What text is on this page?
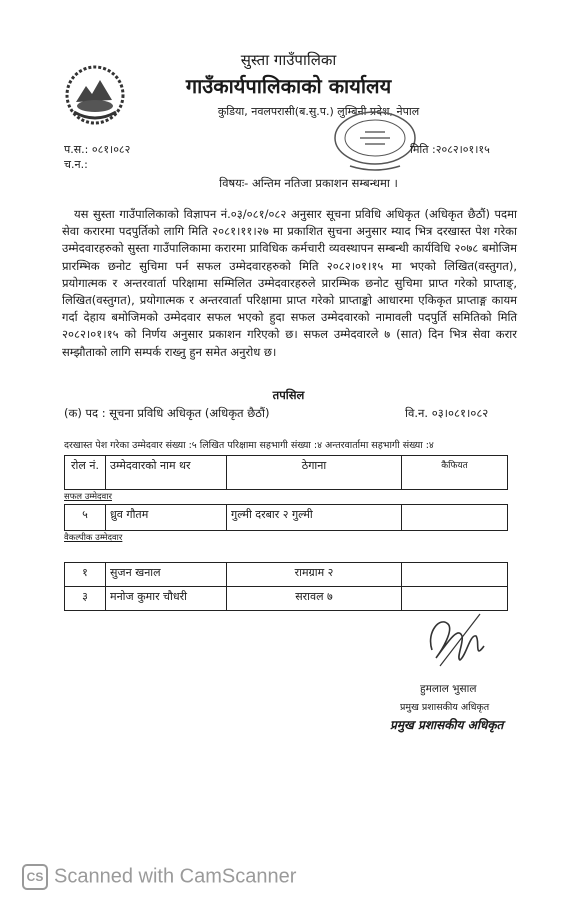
सुस्ता गाउँपालिका
गाउँकार्यपालिकाको कार्यालय
कुडिया, नवलपरासी(ब.सु.प.) लुम्बिनी प्रदेश, नेपाल
प.स.: ०८१।०८२
च.न.:
मिति :२०८२।०१।१५
विषयः- अन्तिम नतिजा प्रकाशन सम्बन्धमा ।
यस सुस्ता गाउँपालिकाको विज्ञापन नं.०३/०८१/०८२ अनुसार सूचना प्रविधि अधिकृत (अधिकृत छैठौं) पदमा सेवा करारमा पदपुर्तिको लागि मिति २०८१।११।२७ मा प्रकाशित सुचना अनुसार म्याद भित्र दरखास्त पेश गरेका उम्मेदवारहरुको सुस्ता गाउँपालिकामा करारमा प्राविधिक कर्मचारी व्यवस्थापन सम्बन्धी कार्यविधि २०७८ बमोजिम प्रारम्भिक छनोट सुचिमा पर्न सफल उम्मेदवारहरुको मिति २०८२।०१।१५ मा भएको लिखित(वस्तुगत), प्रयोगात्मक र अन्तरवार्ता परिक्षामा सम्मिलित उम्मेदवारहरुले प्रारम्भिक छनोट सुचिमा प्राप्त गरेको प्राप्ताङ्, लिखित(वस्तुगत), प्रयोगात्मक र अन्तरवार्ता परिक्षामा प्राप्त गरेको प्राप्ताङ्को आधारमा एकिकृत प्राप्ताङ्ग कायम गर्दा देहाय बमोजिमको उम्मेदवार सफल भएको हुदा सफल उम्मेदवारको नामावली पदपुर्ति समितिको मिति २०८२।०१।१५ को निर्णय अनुसार प्रकाशन गरिएको छ। सफल उम्मेदवारले ७ (सात) दिन भित्र सेवा करार सम्झौताको लागि सम्पर्क राख्नु हुन समेत अनुरोध छ।
तपसिल
(क) पद : सूचना प्रविधि अधिकृत (अधिकृत छैठौं)	वि.न. ०३।०८१।०८२
दरखास्त पेश गरेका उम्मेदवार संख्या :५ लिखित परिक्षामा सहभागी संख्या :४ अन्तरवार्तामा सहभागी संख्या :४
रोल नं.	उम्मेदवारको नाम थर	ठेगाना	कैफियत
सफल उम्मेदवार
५	ध्रुव गौतम	गुल्मी दरबार २ गुल्मी	
वैकल्पीक उम्मेदवार
१	सुजन खनाल	रामग्राम २	
३	मनोज कुमार चौधरी	सरावल ७	
हुमलाल भुसाल
प्रमुख प्रशासकीय अधिकृत
प्रमुख प्रशासकीय अधिकृत
CS Scanned with CamScanner
